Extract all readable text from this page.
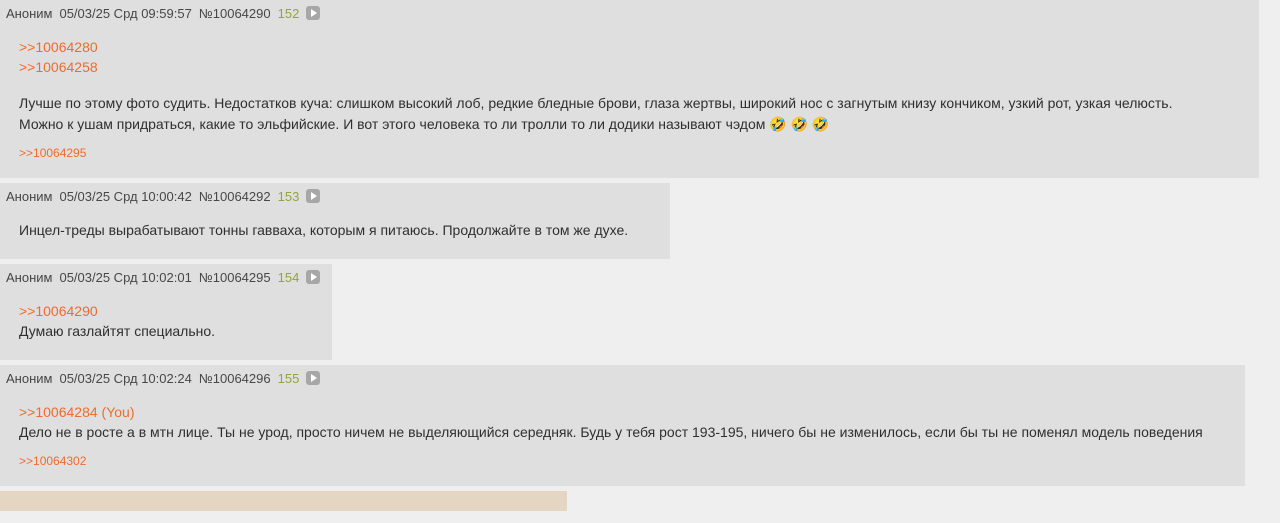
Аноним 05/03/25 Срд 09:59:57 №10064290 152
>>10064280
>>10064258
Лучше по этому фото судить. Недостатков куча: слишком высокий лоб, редкие бледные брови, глаза жертвы, широкий нос с загнутым книзу кончиком, узкий рот, узкая челюсть. Можно к ушам придраться, какие то эльфийские. И вот этого человека то ли тролли то ли додики называют чэдом 🤣 🤣 🤣
>>10064295
Аноним 05/03/25 Срд 10:00:42 №10064292 153
Инцел-треды вырабатывают тонны гавваха, которым я питаюсь. Продолжайте в том же духе.
Аноним 05/03/25 Срд 10:02:01 №10064295 154
>>10064290
Думаю газлайтят специально.
Аноним 05/03/25 Срд 10:02:24 №10064296 155
>>10064284 (You)
Дело не в росте а в мтн лице. Ты не урод, просто ничем не выделяющийся середняк. Будь у тебя рост 193-195, ничего бы не изменилось, если бы ты не поменял модель поведения
>>10064302
